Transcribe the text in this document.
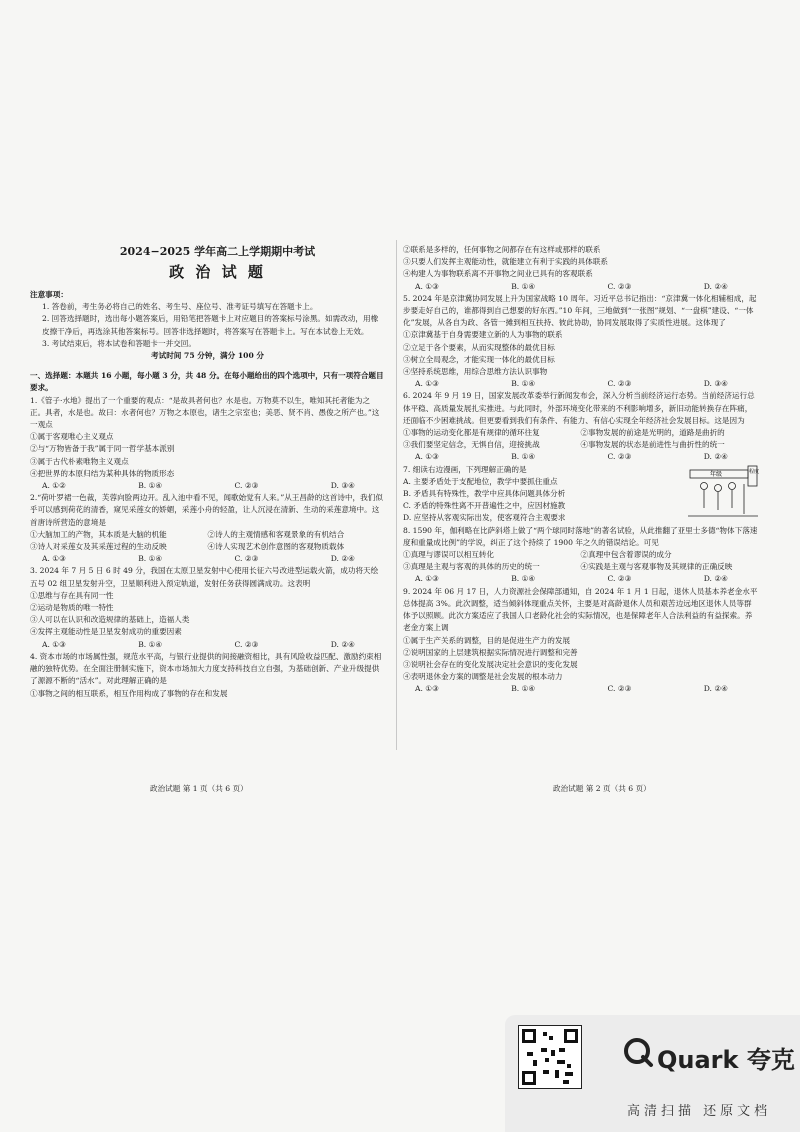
2024−2025 学年高二上学期期中考试
政 治 试 题
注意事项：
1. 答卷前，考生务必将自己的姓名、考生号、座位号、准考证号填写在答题卡上。
2. 回答选择题时，选出每小题答案后，用铅笔把答题卡上对应题目的答案标号涂黑。如需改动，用橡皮擦干净后，再选涂其他答案标号。回答非选择题时，将答案写在答题卡上。写在本试卷上无效。
3. 考试结束后，将本试卷和答题卡一并交回。
考试时间 75 分钟，满分 100 分
一、选择题：本题共 16 小题，每小题 3 分，共 48 分。在每小题给出的四个选项中，只有一项符合题目要求。
1.《管子·水地》提出了一个重要的观点：“是故具者何也？水是也。万物莫不以生，唯知其托者能为之正。具者，水是也。故曰：水者何也？万物之本原也，诸生之宗室也；美恶、贤不肖、愚俊之所产也。”这一观点
①属于客观唯心主义观点
②与“万物皆备于我”属于同一哲学基本派别
③属于古代朴素唯物主义观点
④把世界的本原归结为某种具体的物质形态
A. ①②	B. ①④	C. ②③	D. ③④
2.“荷叶罗裙一色裁，芙蓉向脸两边开。乱入池中看不见，闻歌始觉有人来。”从王昌龄的这首诗中，我们似乎可以感到荷花的清香，窥见采莲女的娇媚，采莲小舟的轻盈，让人沉浸在清新、生动的采莲意境中。这首唐诗所营造的意境是
①大脑加工的产物，其本质是大脑的机能	②诗人的主观情感和客观景象的有机结合
③诗人对采莲女及其采莲过程的生动反映	④诗人实现艺术创作意图的客观物质载体
A. ①③	B. ①④	C. ②③	D. ②④
3. 2024 年 7 月 5 日 6 时 49 分，我国在太原卫星发射中心使用长征六号改进型运载火箭，成功将天绘五号 02 组卫星发射升空，卫星顺利进入预定轨道，发射任务获得圆满成功。这表明
①思维与存在具有同一性
②运动是物质的唯一特性
③人可以在认识和改造规律的基础上，造福人类
④发挥主观能动性是卫星发射成功的重要因素
A. ①③	B. ①④	C. ②③	D. ②④
4. 资本市场的市场属性强，规范水平高，与银行业提供的间接融资相比，具有风险收益匹配、激励约束相融的独特优势。在全面注册制实施下，资本市场加大力度支持科技自立自强，为基础创新、产业升级提供了源源不断的“活水”。对此理解正确的是
①事物之间的相互联系，相互作用构成了事物的存在和发展
②联系是多样的，任何事物之间都存在有这样或那样的联系
③只要人们发挥主观能动性，就能建立有利于实践的具体联系
④构建人为事物联系离不开事物之间业已具有的客观联系
A. ①③	B. ①④	C. ②③	D. ②④
5. 2024 年是京津冀协同发展上升为国家战略 10 周年。习近平总书记指出：“京津冀一体化相辅相成，起步要走好自己的，谁都得到自己想要的好东西。”10 年间，三地做到“一张图”规划、“一盘棋”建设、“一体化”发展，从各自为政、各管一摊到相互扶持、彼此协助，协同发展取得了实质性进展。这体现了
①京津冀基于自身需要建立新的人为事物的联系
②立足于各个要素，从而实现整体的最优目标
③树立全局观念，才能实现一体化的最优目标
④坚持系统思维，用综合思维方法认识事物
A. ①③	B. ①④	C. ②③	D. ③④
6. 2024 年 9 月 19 日，国家发展改革委举行新闻发布会，深入分析当前经济运行态势。当前经济运行总体平稳、高质量发展扎实推进。与此同时，外部环境变化带来的不利影响增多，新旧动能转换存在阵痛，还面临不少困难挑战。但更要看到我们有条件、有能力、有信心实现全年经济社会发展目标。这是因为
①事物的运动变化都是有规律的循环往复	②事物发展的前途是光明的，道路是曲折的
③我们要坚定信念，无惧自信，迎接挑战	④事物发展的状态是前进性与曲折性的统一
A. ①③	B. ①④	C. ②③	D. ②④
7. 细读右边漫画，下列理解正确的是
A. 主要矛盾处于支配地位，教学中要抓住重点
B. 矛盾具有特殊性，教学中应具体问题具体分析
C. 矛盾的特殊性离不开普遍性之中，应因材施教
D. 应坚持从客观实际出发，使客观符合主观要求
年级	程度
8. 1590 年，伽利略在比萨斜塔上做了“两个球同时落地”的著名试验，从此推翻了亚里士多德“物体下落速度和重量成比例”的学说，纠正了这个持续了 1900 年之久的错误结论。可见
①真理与谬误可以相互转化	②真理中包含着谬误的成分
③真理是主观与客观的具体的历史的统一	④实践是主观与客观事物及其规律的正确反映
A. ①③	B. ①④	C. ②③	D. ②④
9. 2024 年 06 月 17 日，人力资源社会保障部通知，自 2024 年 1 月 1 日起，退休人员基本养老金水平总体提高 3%。此次调整，适当倾斜体现重点关怀，主要是对高龄退休人员和艰苦边远地区退休人员等群体予以照顾。此次方案适应了我国人口老龄化社会的实际情况，也是保障老年人合法利益的有益探索。养老金方案上调
①属于生产关系的调整，目的是促进生产力的发展
②说明国家的上层建筑根据实际情况进行调整和完善
③说明社会存在的变化发展决定社会意识的变化发展
④表明退休金方案的调整是社会发展的根本动力
A. ①③	B. ①④	C. ②③	D. ②④
政治试题 第 1 页（共 6 页）	政治试题 第 2 页（共 6 页）
Quark 夸克
高清扫描 还原文档
